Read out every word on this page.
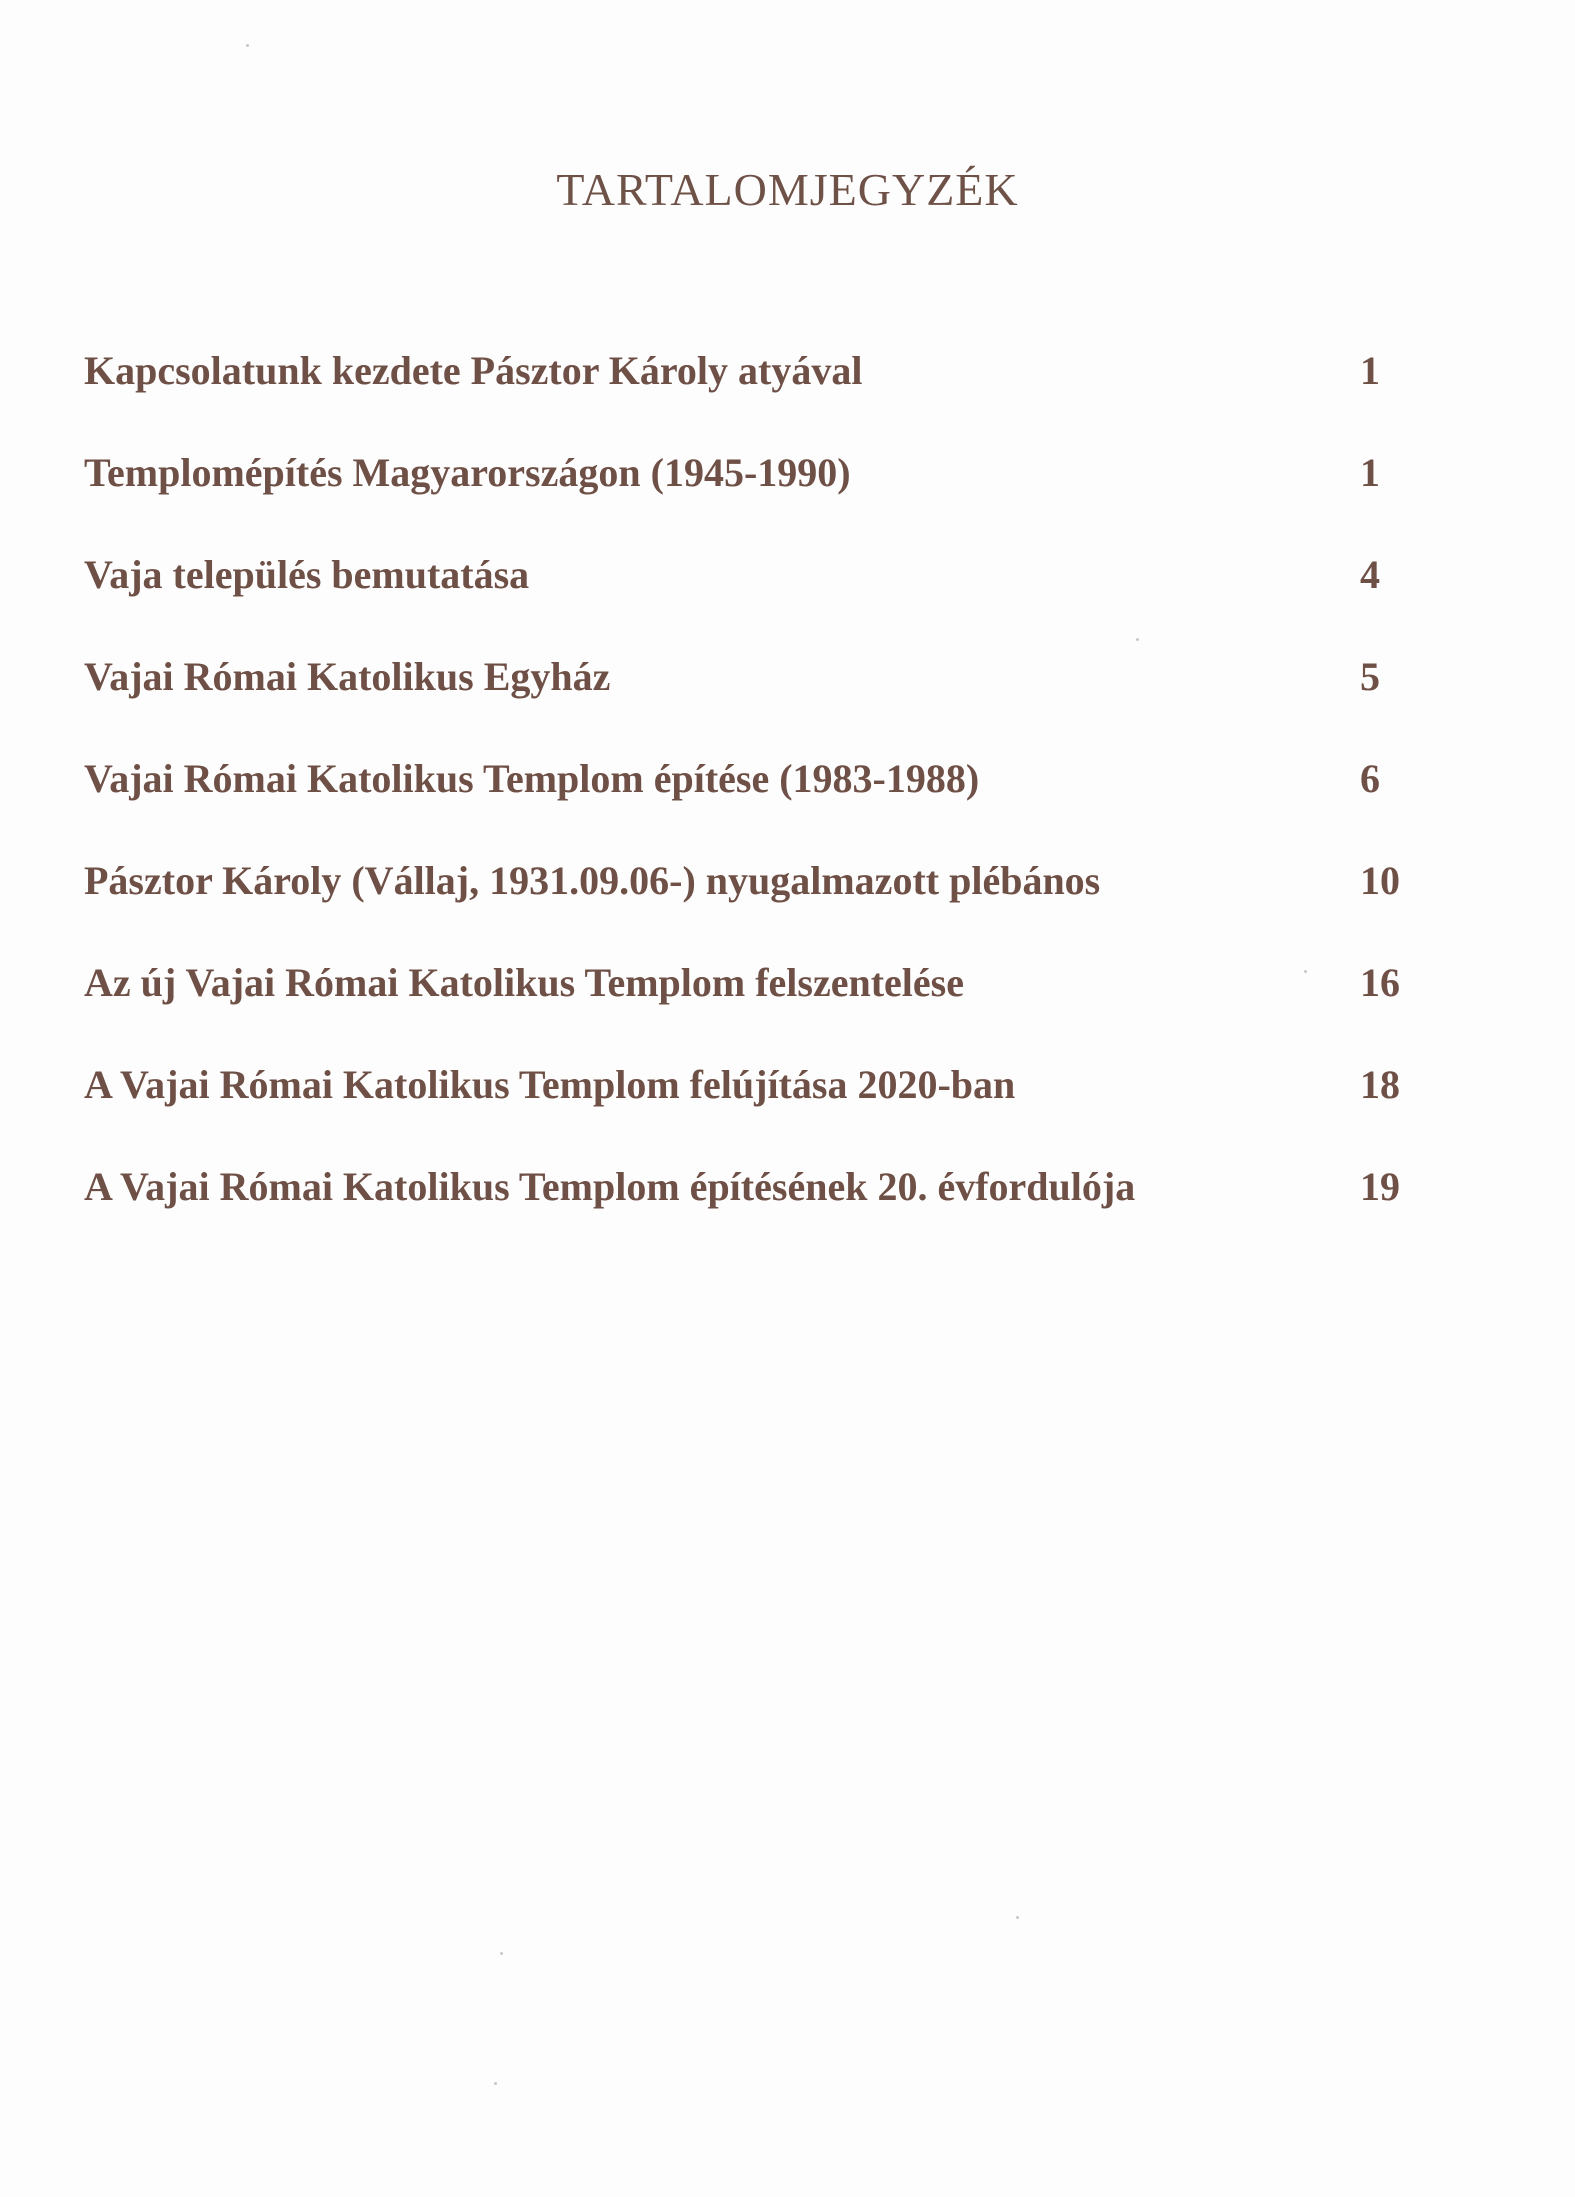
TARTALOMJEGYZÉK
Kapcsolatunk kezdete Pásztor Károly atyával	1
Templomépítés Magyarországon (1945-1990)	1
Vaja település bemutatása	4
Vajai Római Katolikus Egyház	5
Vajai Római Katolikus Templom építése (1983-1988)	6
Pásztor Károly (Vállaj, 1931.09.06-) nyugalmazott plébános	10
Az új Vajai Római Katolikus Templom felszentelése	16
A Vajai Római Katolikus Templom felújítása 2020-ban	18
A Vajai Római Katolikus Templom építésének 20. évfordulója	19
